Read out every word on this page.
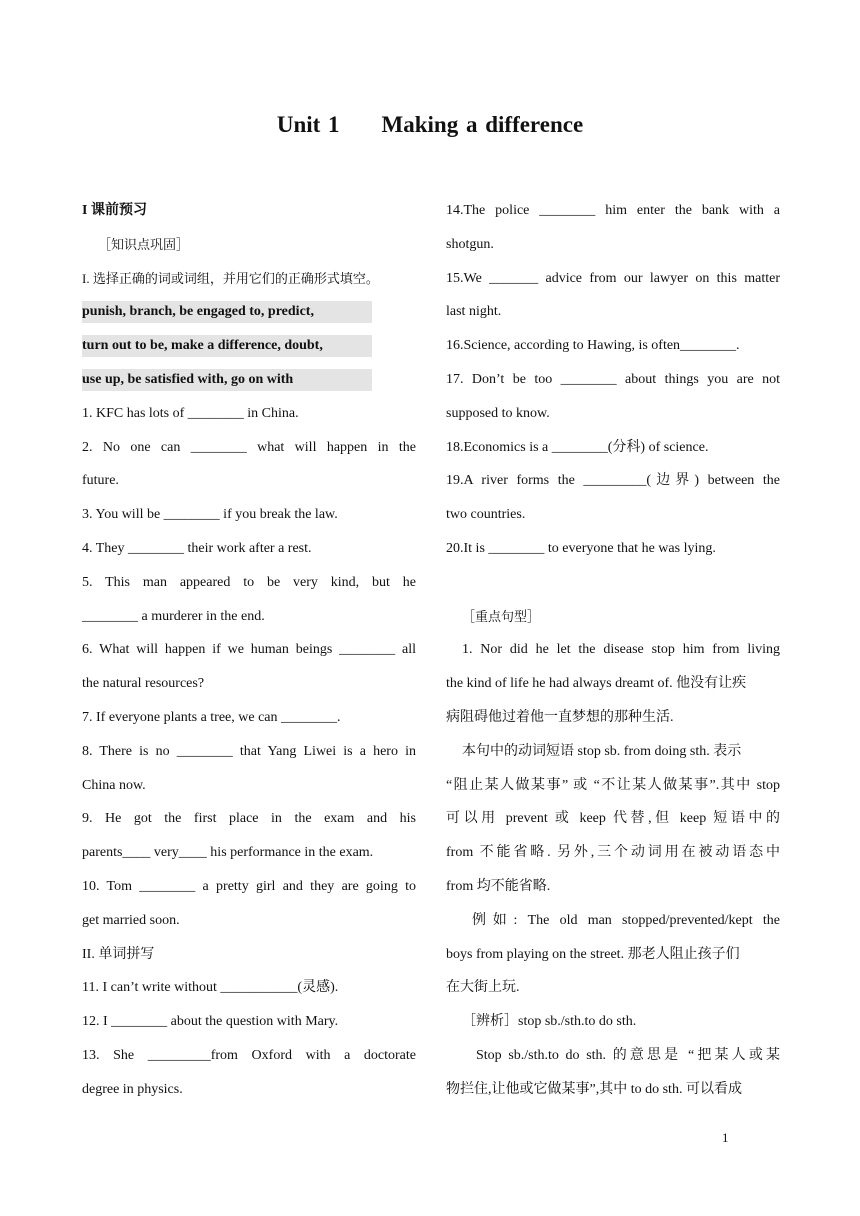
Unit 1 Making a difference
I 课前预习
［知识点巩固］
I. 选择正确的词或词组，并用它们的正确形式填空。
punish, branch, be engaged to, predict,
turn out to be, make a difference, doubt,
use up, be satisfied with, go on with
1. KFC has lots of ________ in China.
2. No one can ________ what will happen in the
future.
3. You will be ________ if you break the law.
4. They ________ their work after a rest.
5. This man appeared to be very kind, but he
________ a murderer in the end.
6. What will happen if we human beings ________ all
the natural resources?
7. If everyone plants a tree, we can ________.
8. There is no ________ that Yang Liwei is a hero in
China now.
9. He got the first place in the exam and his
parents____ very____ his performance in the exam.
10. Tom ________ a pretty girl and they are going to
get married soon.
II. 单词拼写
11. I can’t write without ___________(灵感).
12. I ________ about the question with Mary.
13. She _________from Oxford with a doctorate
degree in physics.
14.The police ________ him enter the bank with a
shotgun.
15.We _______ advice from our lawyer on this matter
last night.
16.Science, according to Hawing, is often________.
17. Don’t be too ________ about things you are not
supposed to know.
18.Economics is a ________(分科) of science.
19.A river forms the _________(边界) between the
two countries.
20.It is ________ to everyone that he was lying.
［重点句型］
1. Nor did he let the disease stop him from living
the kind of life he had always dreamt of. 他没有让疾
病阻碍他过着他一直梦想的那种生活.
本句中的动词短语 stop sb. from doing sth. 表示
“阻止某人做某事” 或 “不让某人做某事”.其中 stop
可以用 prevent 或 keep 代替,但 keep 短语中的
from 不能省略. 另外,三个动词用在被动语态中
from 均不能省略.
例如: The old man stopped/prevented/kept the
boys from playing on the street. 那老人阻止孩子们
在大街上玩.
［辨析］stop sb./sth.to do sth.
Stop sb./sth.to do sth. 的意思是 “把某人或某
物拦住,让他或它做某事”,其中 to do sth. 可以看成
1
